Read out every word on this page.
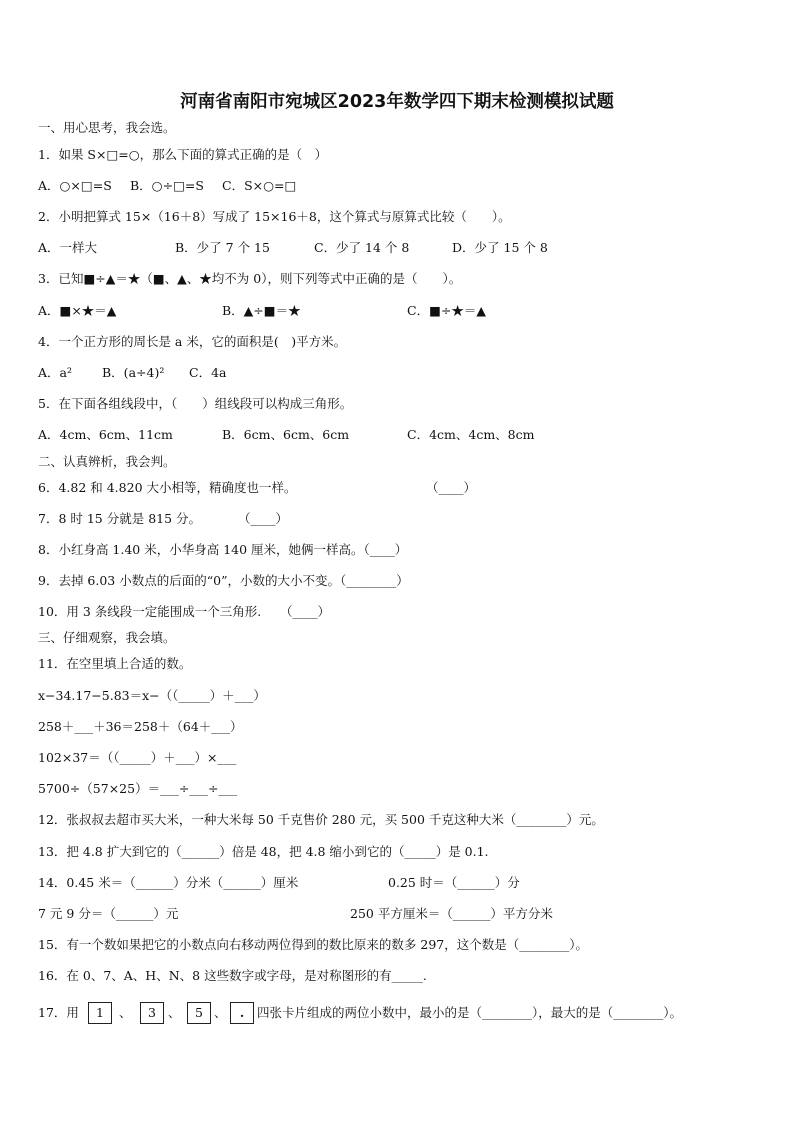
河南省南阳市宛城区2023年数学四下期末检测模拟试题
一、用心思考，我会选。
1．如果 S×□=○，那么下面的算式正确的是（　）
A．○×□=S B．○÷□=S C．S×○=□
2．小明把算式 15×（16＋8）写成了 15×16＋8，这个算式与原算式比较（　　）。
A．一样大	B．少了 7 个 15	C．少了 14 个 8	D．少了 15 个 8
3．已知■÷▲＝★（■、▲、★均不为 0），则下列等式中正确的是（　　）。
A．■×★＝▲	B．▲÷■＝★	C．■÷★＝▲
4．一个正方形的周长是 a 米，它的面积是(　)平方米。
A．a² B．(a÷4)² C．4a
5．在下面各组线段中，（　　）组线段可以构成三角形。
A．4cm、6cm、11cm	B．6cm、6cm、6cm	C．4cm、4cm、8cm
二、认真辨析，我会判。
6．4.82 和 4.820 大小相等，精确度也一样。	（____）
7．8 时 15 分就是 815 分。	（____）
8．小红身高 1.40 米，小华身高 140 厘米，她俩一样高。（____）
9．去掉 6.03 小数点的后面的“0”，小数的大小不变。（________）
10．用 3 条线段一定能围成一个三角形.　　（____）
三、仔细观察，我会填。
11．在空里填上合适的数。
x−34.17−5.83＝x−（（_____）＋___）
258＋___＋36＝258＋（64＋___）
102×37＝（（_____）＋___）×___
5700÷（57×25）＝___÷___÷___
12．张叔叔去超市买大米，一种大米每 50 千克售价 280 元，买 500 千克这种大米（________）元。
13．把 4.8 扩大到它的（______）倍是 48，把 4.8 缩小到它的（_____）是 0.1.
14．0.45 米＝（______）分米（______）厘米	0.25 时＝（______）分
7 元 9 分＝（______）元	250 平方厘米＝（______）平方分米
15．有一个数如果把它的小数点向右移动两位得到的数比原来的数多 297，这个数是（________）。
16．在 0、7、A、H、N、8 这些数字或字母，是对称图形的有_____.
17．用	1	、	3 、	5 、	.	四张卡片组成的两位小数中，最小的是（________），最大的是（________）。
